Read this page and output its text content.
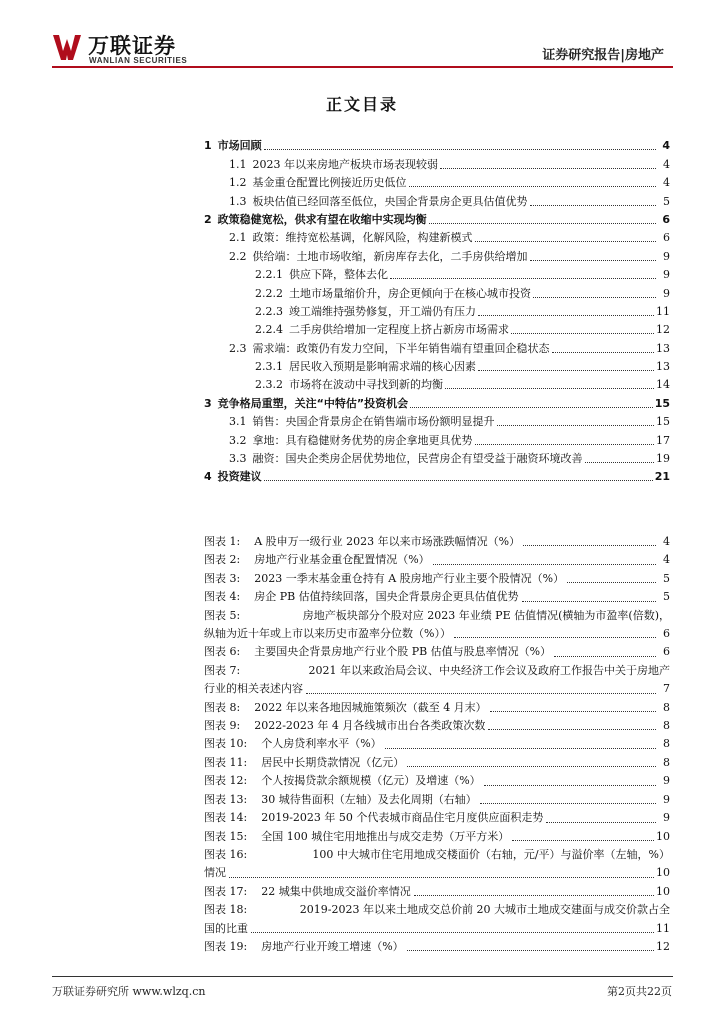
万联证券
WANLIAN SECURITIES	证券研究报告|房地产
正文目录
1 市场回顾	4
1.1 2023 年以来房地产板块市场表现较弱	4
1.2 基金重仓配置比例接近历史低位	4
1.3 板块估值已经回落至低位，央国企背景房企更具估值优势	5
2 政策稳健宽松，供求有望在收缩中实现均衡	6
2.1 政策：维持宽松基调，化解风险，构建新模式	6
2.2 供给端：土地市场收缩，新房库存去化，二手房供给增加	9
2.2.1 供应下降，整体去化	9
2.2.2 土地市场量缩价升，房企更倾向于在核心城市投资	9
2.2.3 竣工端维持强势修复，开工端仍有压力	11
2.2.4 二手房供给增加一定程度上挤占新房市场需求	12
2.3 需求端：政策仍有发力空间，下半年销售端有望重回企稳状态	13
2.3.1 居民收入预期是影响需求端的核心因素	13
2.3.2 市场将在波动中寻找到新的均衡	14
3 竞争格局重塑，关注“中特估”投资机会	15
3.1 销售：央国企背景房企在销售端市场份额明显提升	15
3.2 拿地：具有稳健财务优势的房企拿地更具优势	17
3.3 融资：国央企类房企居优势地位，民营房企有望受益于融资环境改善	19
4 投资建议	21
图表 1: A 股申万一级行业 2023 年以来市场涨跌幅情况（%）	4
图表 2: 房地产行业基金重仓配置情况（%）	4
图表 3: 2023 一季末基金重仓持有 A 股房地产行业主要个股情况（%）	5
图表 4: 房企 PB 估值持续回落，国央企背景房企更具估值优势	5
图表 5:	房地产板块部分个股对应 2023 年业绩 PE 估值情况(横轴为市盈率(倍数)，
纵轴为近十年或上市以来历史市盈率分位数（%））	6
图表 6: 主要国央企背景房地产行业个股 PB 估值与股息率情况（%）	6
图表 7:	2021 年以来政治局会议、中央经济工作会议及政府工作报告中关于房地产
行业的相关表述内容	7
图表 8: 2022 年以来各地因城施策频次（截至 4 月末）	8
图表 9: 2022-2023 年 4 月各线城市出台各类政策次数	8
图表 10: 个人房贷利率水平（%）	8
图表 11: 居民中长期贷款情况（亿元）	8
图表 12: 个人按揭贷款余额规模（亿元）及增速（%）	9
图表 13: 30 城待售面积（左轴）及去化周期（右轴）	9
图表 14: 2019-2023 年 50 个代表城市商品住宅月度供应面积走势	9
图表 15: 全国 100 城住宅用地推出与成交走势（万平方米）	10
图表 16:	100 中大城市住宅用地成交楼面价（右轴，元/平）与溢价率（左轴，%）
情况	10
图表 17: 22 城集中供地成交溢价率情况	10
图表 18:	2019-2023 年以来土地成交总价前 20 大城市土地成交建面与成交价款占全
国的比重	11
图表 19: 房地产行业开竣工增速（%）	12
万联证券研究所 www.wlzq.cn	第2页共22页
